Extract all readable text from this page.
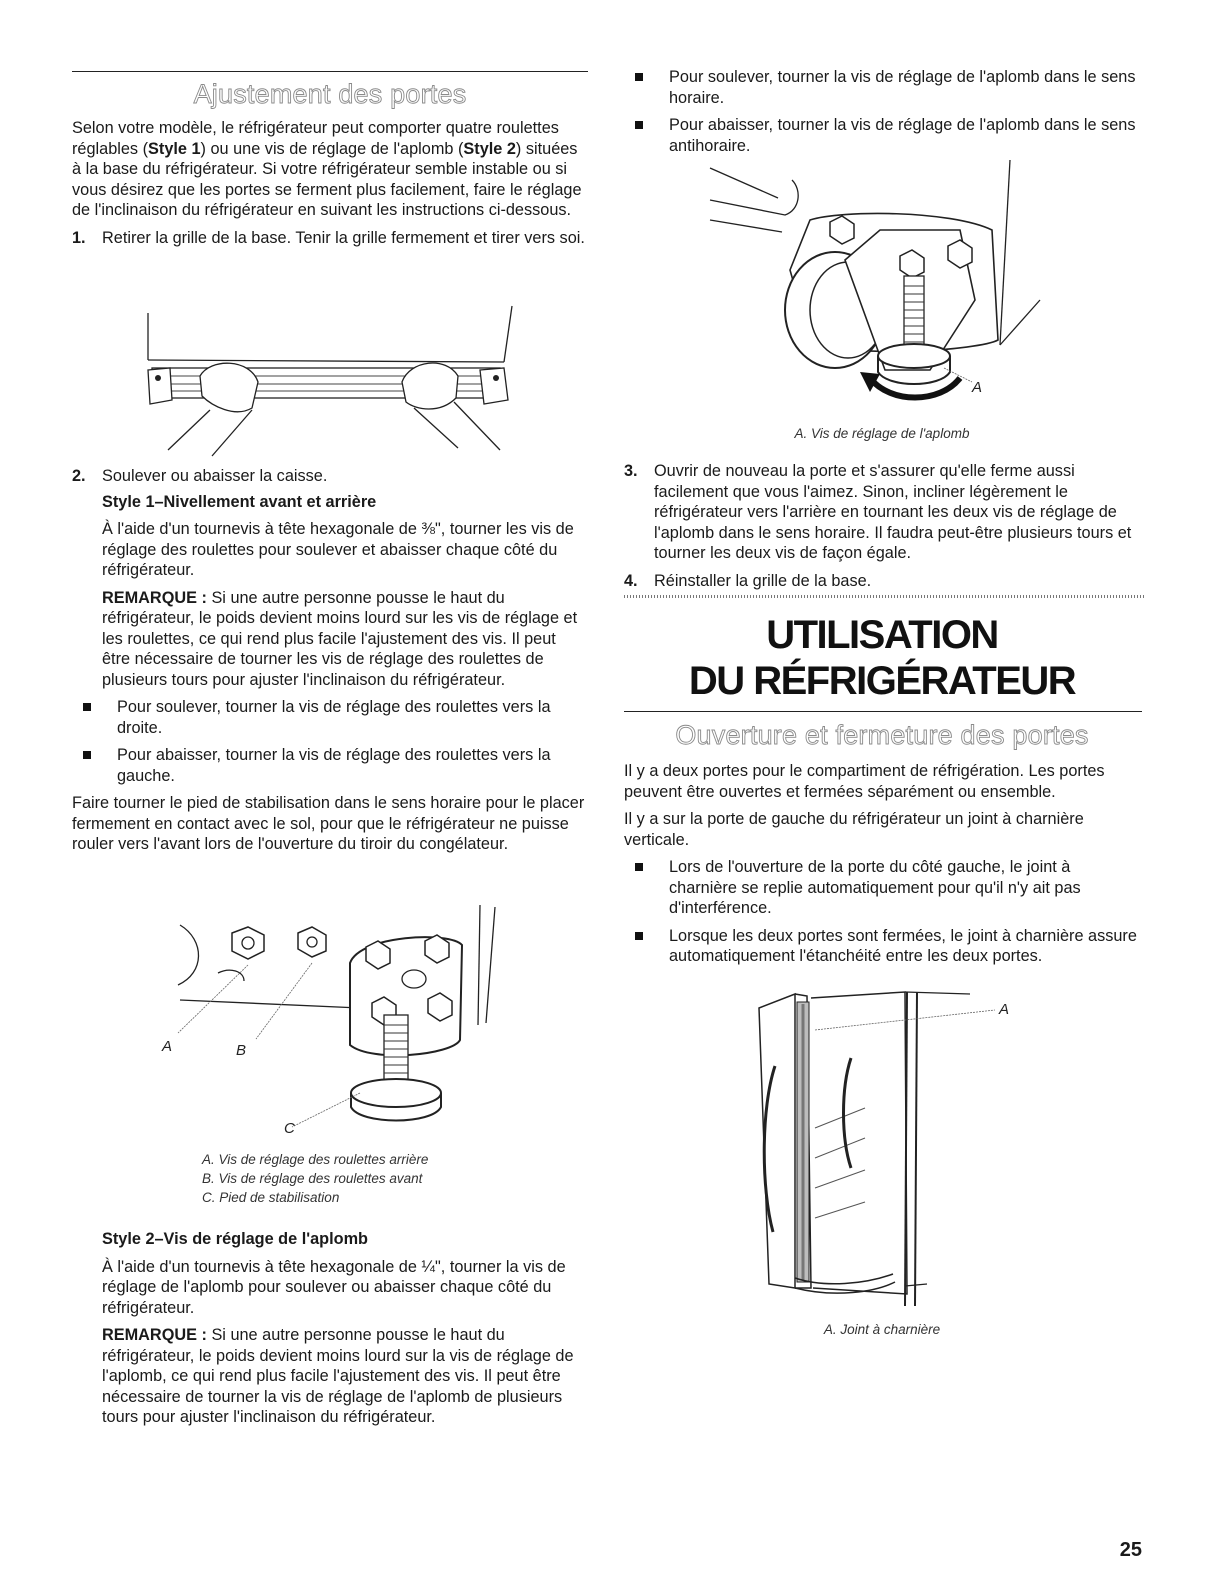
Ajustement des portes

Selon votre modèle, le réfrigérateur peut comporter quatre roulettes réglables (Style 1) ou une vis de réglage de l'aplomb (Style 2) situées à la base du réfrigérateur. Si votre réfrigérateur semble instable ou si vous désirez que les portes se ferment plus facilement, faire le réglage de l'inclinaison du réfrigérateur en suivant les instructions ci-dessous.

1. Retirer la grille de la base. Tenir la grille fermement et tirer vers soi.
2. Soulever ou abaisser la caisse.

Style 1–Nivellement avant et arrière

À l'aide d'un tournevis à tête hexagonale de ⅜", tourner les vis de réglage des roulettes pour soulever et abaisser chaque côté du réfrigérateur.

REMARQUE : Si une autre personne pousse le haut du réfrigérateur, le poids devient moins lourd sur les vis de réglage et les roulettes, ce qui rend plus facile l'ajustement des vis. Il peut être nécessaire de tourner les vis de réglage des roulettes de plusieurs tours pour ajuster l'inclinaison du réfrigérateur.

Pour soulever, tourner la vis de réglage des roulettes vers la droite.
Pour abaisser, tourner la vis de réglage des roulettes vers la gauche.

Faire tourner le pied de stabilisation dans le sens horaire pour le placer fermement en contact avec le sol, pour que le réfrigérateur ne puisse rouler vers l'avant lors de l'ouverture du tiroir du congélateur.

A	B
C

A. Vis de réglage des roulettes arrière

B. Vis de réglage des roulettes avant

C. Pied de stabilisation

Style 2–Vis de réglage de l'aplomb

À l'aide d'un tournevis à tête hexagonale de ¼", tourner la vis de réglage de l'aplomb pour soulever ou abaisser chaque côté du réfrigérateur.

REMARQUE : Si une autre personne pousse le haut du réfrigérateur, le poids devient moins lourd sur la vis de réglage de l'aplomb, ce qui rend plus facile l'ajustement des vis. Il peut être nécessaire de tourner la vis de réglage de l'aplomb de plusieurs tours pour ajuster l'inclinaison du réfrigérateur.

Pour soulever, tourner la vis de réglage de l'aplomb dans le sens horaire.
Pour abaisser, tourner la vis de réglage de l'aplomb dans le sens antihoraire.
A
A. Vis de réglage de l'aplomb
3. Ouvrir de nouveau la porte et s'assurer qu'elle ferme aussi facilement que vous l'aimez. Sinon, incliner légèrement le réfrigérateur vers l'arrière en tournant les deux vis de réglage de l'aplomb dans le sens horaire. Il faudra peut-être plusieurs tours et tourner les deux vis de façon égale.
4. Réinstaller la grille de la base.
UTILISATION
DU RÉFRIGÉRATEUR
Ouverture et fermeture des portes

Il y a deux portes pour le compartiment de réfrigération. Les portes peuvent être ouvertes et fermées séparément ou ensemble.

Il y a sur la porte de gauche du réfrigérateur un joint à charnière verticale.

Lors de l'ouverture de la porte du côté gauche, le joint à charnière se replie automatiquement pour qu'il n'y ait pas d'interférence.
Lorsque les deux portes sont fermées, le joint à charnière assure automatiquement l'étanchéité entre les deux portes.
A
A. Joint à charnière
25
